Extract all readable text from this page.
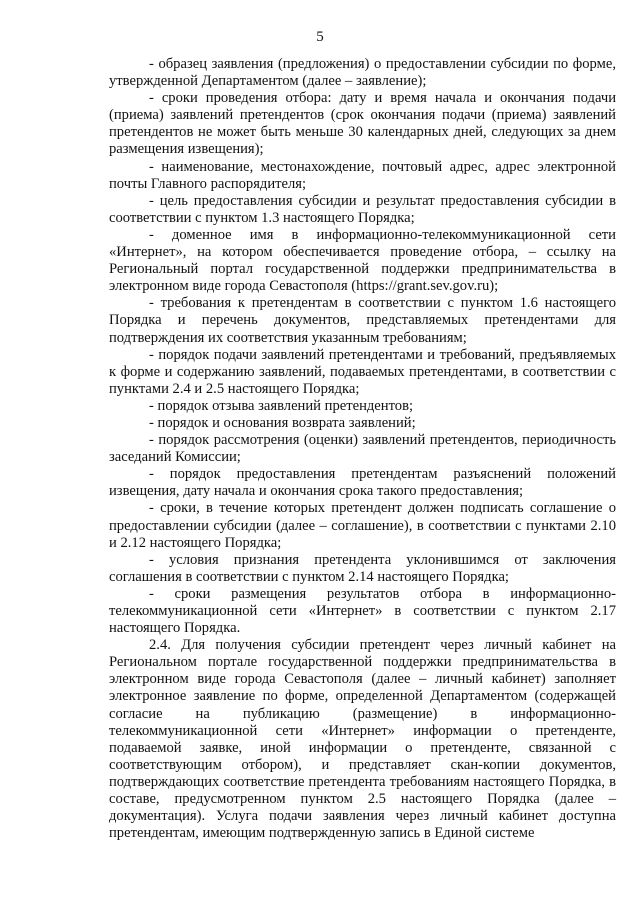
5

- образец заявления (предложения) о предоставлении субсидии по форме, утвержденной Департаментом (далее – заявление);

- сроки проведения отбора: дату и время начала и окончания подачи (приема) заявлений претендентов (срок окончания подачи (приема) заявлений претендентов не может быть меньше 30 календарных дней, следующих за днем размещения извещения);

- наименование, местонахождение, почтовый адрес, адрес электронной почты Главного распорядителя;

- цель предоставления субсидии и результат предоставления субсидии в соответствии с пунктом 1.3 настоящего Порядка;

- доменное имя в информационно-телекоммуникационной сети «Интернет», на котором обеспечивается проведение отбора, – ссылку на Региональный портал государственной поддержки предпринимательства в электронном виде города Севастополя (https://grant.sev.gov.ru);

- требования к претендентам в соответствии с пунктом 1.6 настоящего Порядка и перечень документов, представляемых претендентами для подтверждения их соответствия указанным требованиям;

- порядок подачи заявлений претендентами и требований, предъявляемых к форме и содержанию заявлений, подаваемых претендентами, в соответствии с пунктами 2.4 и 2.5 настоящего Порядка;

- порядок отзыва заявлений претендентов;

- порядок и основания возврата заявлений;

- порядок рассмотрения (оценки) заявлений претендентов, периодичность заседаний Комиссии;

- порядок предоставления претендентам разъяснений положений извещения, дату начала и окончания срока такого предоставления;

- сроки, в течение которых претендент должен подписать соглашение о предоставлении субсидии (далее – соглашение), в соответствии с пунктами 2.10 и 2.12 настоящего Порядка;

- условия признания претендента уклонившимся от заключения соглашения в соответствии с пунктом 2.14 настоящего Порядка;

- сроки размещения результатов отбора в информационно-телекоммуникационной сети «Интернет» в соответствии с пунктом 2.17 настоящего Порядка.

2.4. Для получения субсидии претендент через личный кабинет на Региональном портале государственной поддержки предпринимательства в электронном виде города Севастополя (далее – личный кабинет) заполняет электронное заявление по форме, определенной Департаментом (содержащей согласие на публикацию (размещение) в информационно-телекоммуникационной сети «Интернет» информации о претенденте, подаваемой заявке, иной информации о претенденте, связанной с соответствующим отбором), и представляет скан-копии документов, подтверждающих соответствие претендента требованиям настоящего Порядка, в составе, предусмотренном пунктом 2.5 настоящего Порядка (далее – документация). Услуга подачи заявления через личный кабинет доступна претендентам, имеющим подтвержденную запись в Единой системе
